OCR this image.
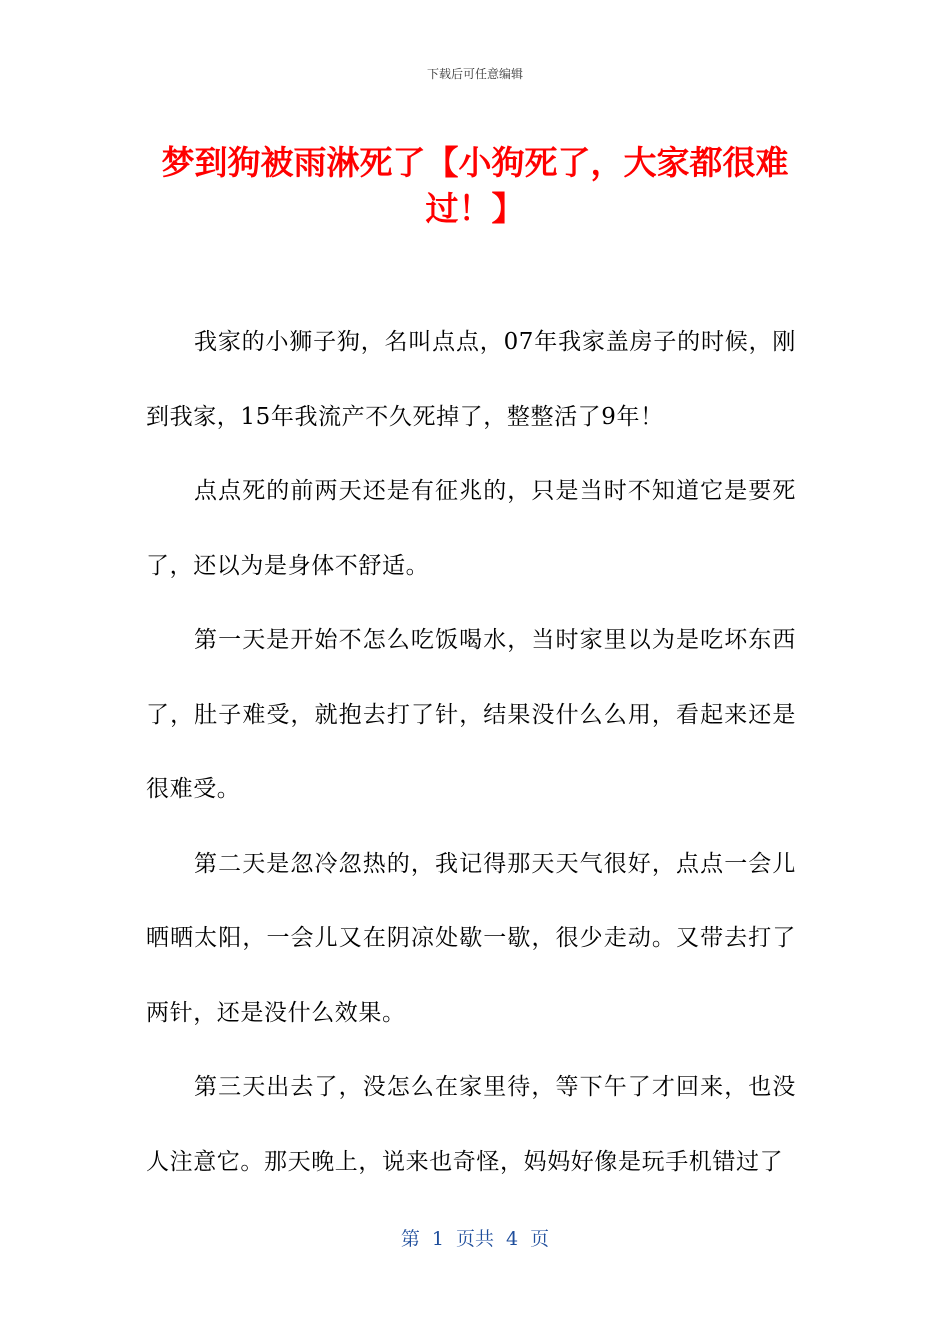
下载后可任意编辑
梦到狗被雨淋死了【小狗死了，大家都很难过！】

我家的小狮子狗，名叫点点，07年我家盖房子的时候，刚到我家，15年我流产不久死掉了，整整活了9年！

点点死的前两天还是有征兆的，只是当时不知道它是要死了，还以为是身体不舒适。

第一天是开始不怎么吃饭喝水，当时家里以为是吃坏东西了，肚子难受，就抱去打了针，结果没什么么用，看起来还是很难受。

第二天是忽冷忽热的，我记得那天天气很好，点点一会儿晒晒太阳，一会儿又在阴凉处歇一歇，很少走动。又带去打了两针，还是没什么效果。

第三天出去了，没怎么在家里待，等下午了才回来，也没人注意它。那天晚上，说来也奇怪，妈妈好像是玩手机错过了

第 1 页共 4 页
